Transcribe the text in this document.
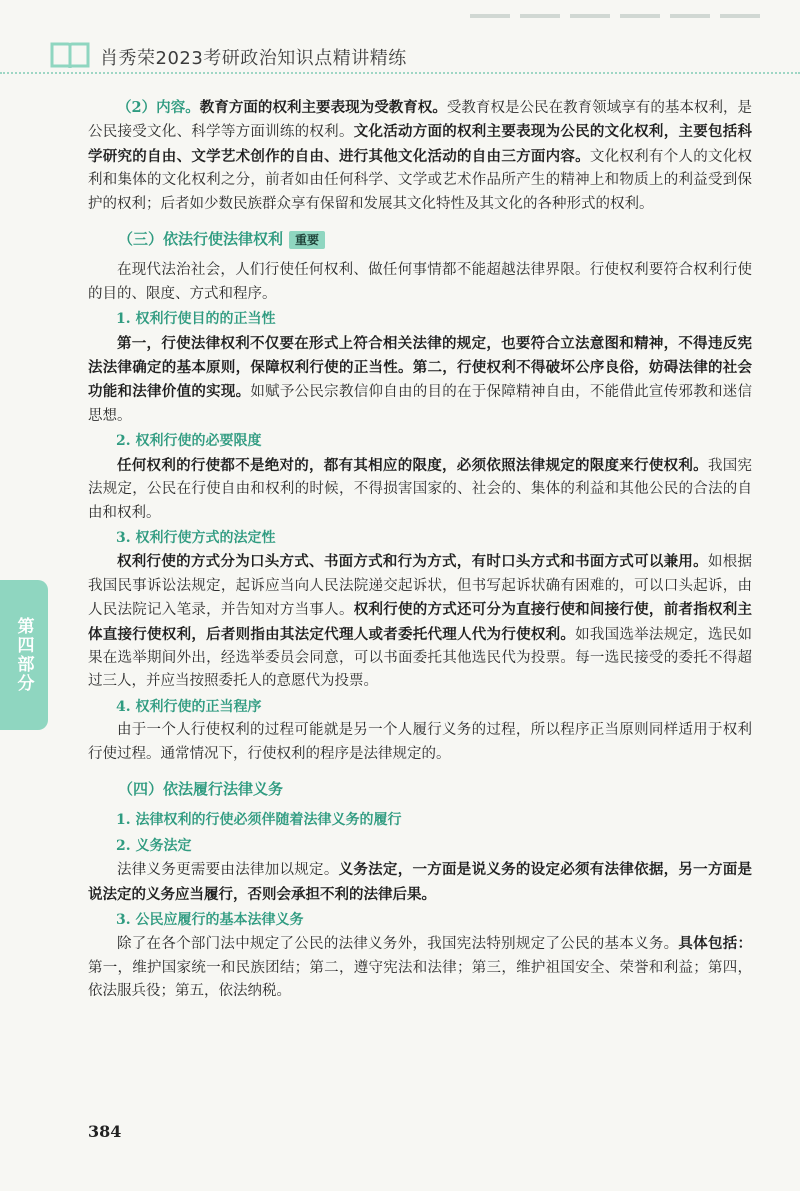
肖秀荣2023考研政治知识点精讲精练
第四部分

（2）内容。教育方面的权利主要表现为受教育权。受教育权是公民在教育领域享有的基本权利，是公民接受文化、科学等方面训练的权利。文化活动方面的权利主要表现为公民的文化权利，主要包括科学研究的自由、文学艺术创作的自由、进行其他文化活动的自由三方面内容。文化权利有个人的文化权利和集体的文化权利之分，前者如由任何科学、文学或艺术作品所产生的精神上和物质上的利益受到保护的权利；后者如少数民族群众享有保留和发展其文化特性及其文化的各种形式的权利。

（三）依法行使法律权利 重要

在现代法治社会，人们行使任何权利、做任何事情都不能超越法律界限。行使权利要符合权利行使的目的、限度、方式和程序。

1. 权利行使目的的正当性

第一，行使法律权利不仅要在形式上符合相关法律的规定，也要符合立法意图和精神，不得违反宪法法律确定的基本原则，保障权利行使的正当性。第二，行使权利不得破坏公序良俗，妨碍法律的社会功能和法律价值的实现。如赋予公民宗教信仰自由的目的在于保障精神自由，不能借此宣传邪教和迷信思想。

2. 权利行使的必要限度

任何权利的行使都不是绝对的，都有其相应的限度，必须依照法律规定的限度来行使权利。我国宪法规定，公民在行使自由和权利的时候，不得损害国家的、社会的、集体的利益和其他公民的合法的自由和权利。

3. 权利行使方式的法定性

权利行使的方式分为口头方式、书面方式和行为方式，有时口头方式和书面方式可以兼用。如根据我国民事诉讼法规定，起诉应当向人民法院递交起诉状，但书写起诉状确有困难的，可以口头起诉，由人民法院记入笔录，并告知对方当事人。权利行使的方式还可分为直接行使和间接行使，前者指权利主体直接行使权利，后者则指由其法定代理人或者委托代理人代为行使权利。如我国选举法规定，选民如果在选举期间外出，经选举委员会同意，可以书面委托其他选民代为投票。每一选民接受的委托不得超过三人，并应当按照委托人的意愿代为投票。

4. 权利行使的正当程序

由于一个人行使权利的过程可能就是另一个人履行义务的过程，所以程序正当原则同样适用于权利行使过程。通常情况下，行使权利的程序是法律规定的。

（四）依法履行法律义务
1. 法律权利的行使必须伴随着法律义务的履行
2. 义务法定

法律义务更需要由法律加以规定。义务法定，一方面是说义务的设定必须有法律依据，另一方面是说法定的义务应当履行，否则会承担不利的法律后果。

3. 公民应履行的基本法律义务

除了在各个部门法中规定了公民的法律义务外，我国宪法特别规定了公民的基本义务。具体包括：第一，维护国家统一和民族团结；第二，遵守宪法和法律；第三，维护祖国安全、荣誉和利益；第四，依法服兵役；第五，依法纳税。

384
